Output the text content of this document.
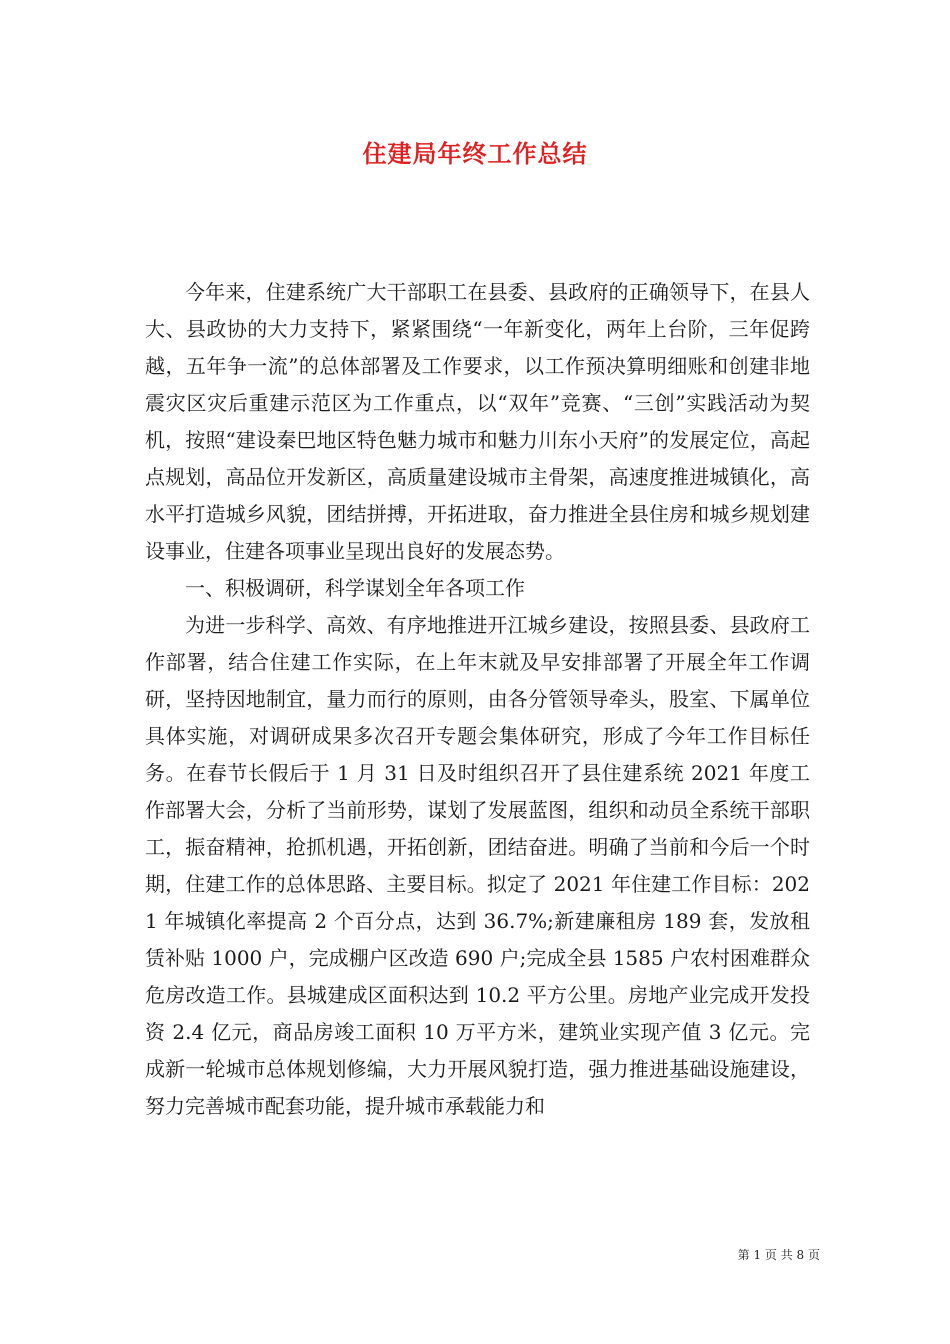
住建局年终工作总结

今年来，住建系统广大干部职工在县委、县政府的正确领导下，在县人大、县政协的大力支持下，紧紧围绕“一年新变化，两年上台阶，三年促跨越，五年争一流”的总体部署及工作要求，以工作预决算明细账和创建非地震灾区灾后重建示范区为工作重点，以“双年”竞赛、“三创”实践活动为契机，按照“建设秦巴地区特色魅力城市和魅力川东小天府”的发展定位，高起点规划，高品位开发新区，高质量建设城市主骨架，高速度推进城镇化，高水平打造城乡风貌，团结拼搏，开拓进取，奋力推进全县住房和城乡规划建设事业，住建各项事业呈现出良好的发展态势。

一、积极调研，科学谋划全年各项工作

为进一步科学、高效、有序地推进开江城乡建设，按照县委、县政府工作部署，结合住建工作实际，在上年末就及早安排部署了开展全年工作调研，坚持因地制宜，量力而行的原则，由各分管领导牵头，股室、下属单位具体实施，对调研成果多次召开专题会集体研究，形成了今年工作目标任务。在春节长假后于 1 月 31 日及时组织召开了县住建系统 2021 年度工作部署大会，分析了当前形势，谋划了发展蓝图，组织和动员全系统干部职工，振奋精神，抢抓机遇，开拓创新，团结奋进。明确了当前和今后一个时期，住建工作的总体思路、主要目标。拟定了 2021 年住建工作目标：2021 年城镇化率提高 2 个百分点，达到 36.7%;新建廉租房 189 套，发放租赁补贴 1000 户，完成棚户区改造 690 户;完成全县 1585 户农村困难群众危房改造工作。县城建成区面积达到 10.2 平方公里。房地产业完成开发投资 2.4 亿元，商品房竣工面积 10 万平方米，建筑业实现产值 3 亿元。完成新一轮城市总体规划修编，大力开展风貌打造，强力推进基础设施建设，努力完善城市配套功能，提升城市承载能力和

第 1 页 共 8 页
